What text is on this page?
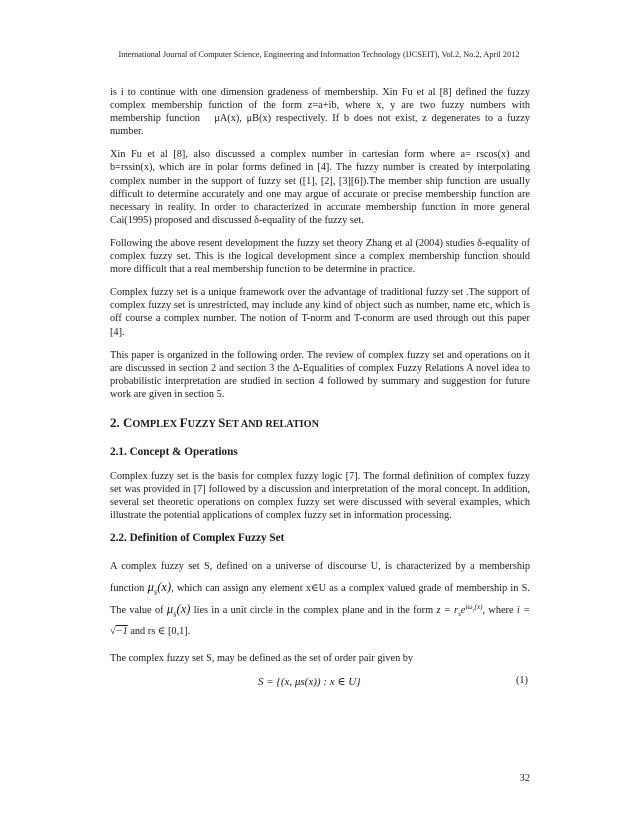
International Journal of Computer Science, Engineering and Information Technology (IJCSEIT), Vol.2, No.2, April 2012

is i to continue with one dimension gradeness of membership. Xin Fu et al [8] defined the fuzzy complex membership function of the form z=a+ib, where x, y are two fuzzy numbers with membership function μA(x), μB(x) respectively. If b does not exist, z degenerates to a fuzzy number.

Xin Fu et al [8], also discussed a complex number in cartesian form where a= rscos(x) and b=rssin(x), which are in polar forms defined in [4]. The fuzzy number is created by interpolating complex number in the support of fuzzy set ([1], [2], [3][6]).The member ship function are usually difficult to determine accurately and one may argue of accurate or precise membership function are necessary in reality. In order to characterized in accurate membership function in more general Cai(1995) proposed and discussed δ-equality of the fuzzy set.

Following the above resent development the fuzzy set theory Zhang et al (2004) studies δ-equality of complex fuzzy set. This is the logical development since a complex membership function should more difficult that a real membership function to be determine in practice.

Complex fuzzy set is a unique framework over the advantage of traditional fuzzy set .The support of complex fuzzy set is unrestricted, may include any kind of object such as number, name etc, which is off course a complex number. The notion of T-norm and T-conorm are used through out this paper [4].

This paper is organized in the following order. The review of complex fuzzy set and operations on it are discussed in section 2 and section 3 the Δ-Equalities of complex Fuzzy Relations A novel idea to probabilistic interpretation are studied in section 4 followed by summary and suggestion for future work are given in section 5.

2. COMPLEX FUZZY SET AND RELATION
2.1. Concept & Operations

Complex fuzzy set is the basis for complex fuzzy logic [7]. The formal definition of complex fuzzy set was provided in [7] followed by a discussion and interpretation of the moral concept. In addition, several set theoretic operations on complex fuzzy set were discussed with several examples, which illustrate the potential applications of complex fuzzy set in information processing.

2.2. Definition of Complex Fuzzy Set

A complex fuzzy set S, defined on a universe of discourse U, is characterized by a membership function $\mu_s(x)$, which can assign any element x∈U as a complex valued grade of membership in S. The value of $\mu_s(x)$ lies in a unit circle in the complex plane and in the form $z = r_se^{i\omega_s(x)}$, where i = √−1 and rs ∈ [0,1].

The complex fuzzy set S, may be defined as the set of order pair given by

S = {(x, μs(x)) : x ∈ U}	(1)
32
